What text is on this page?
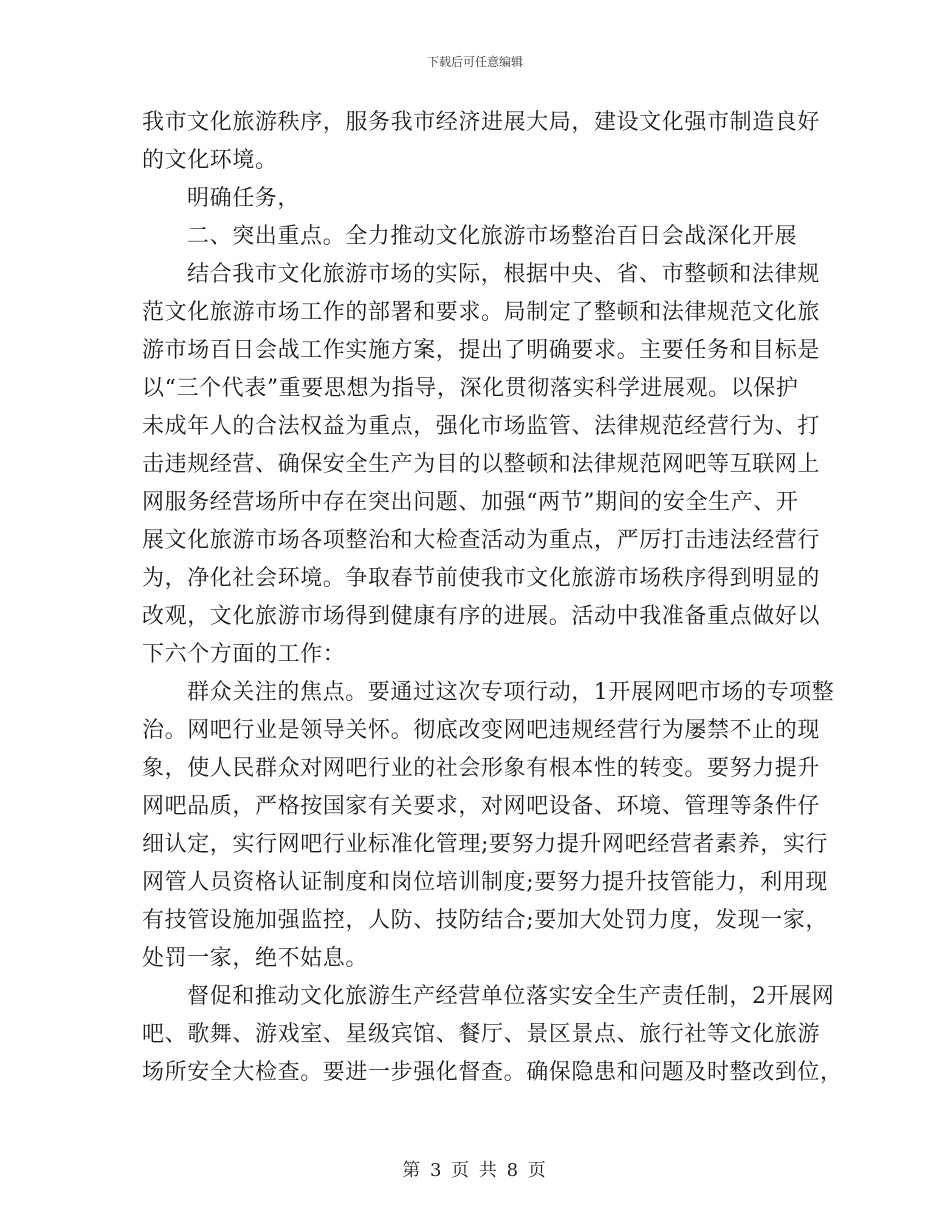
下载后可任意编辑
我市文化旅游秩序，服务我市经济进展大局，建设文化强市制造良好
的文化环境。
明确任务，
二、突出重点。全力推动文化旅游市场整治百日会战深化开展
结合我市文化旅游市场的实际，根据中央、省、市整顿和法律规
范文化旅游市场工作的部署和要求。局制定了整顿和法律规范文化旅
游市场百日会战工作实施方案，提出了明确要求。主要任务和目标是
以“三个代表”重要思想为指导，深化贯彻落实科学进展观。以保护
未成年人的合法权益为重点，强化市场监管、法律规范经营行为、打
击违规经营、确保安全生产为目的以整顿和法律规范网吧等互联网上
网服务经营场所中存在突出问题、加强“两节”期间的安全生产、开
展文化旅游市场各项整治和大检查活动为重点，严厉打击违法经营行
为，净化社会环境。争取春节前使我市文化旅游市场秩序得到明显的
改观，文化旅游市场得到健康有序的进展。活动中我准备重点做好以
下六个方面的工作：
群众关注的焦点。要通过这次专项行动，1开展网吧市场的专项整
治。网吧行业是领导关怀。彻底改变网吧违规经营行为屡禁不止的现
象，使人民群众对网吧行业的社会形象有根本性的转变。要努力提升
网吧品质，严格按国家有关要求，对网吧设备、环境、管理等条件仔
细认定，实行网吧行业标准化管理;要努力提升网吧经营者素养，实行
网管人员资格认证制度和岗位培训制度;要努力提升技管能力，利用现
有技管设施加强监控，人防、技防结合;要加大处罚力度，发现一家，
处罚一家，绝不姑息。
督促和推动文化旅游生产经营单位落实安全生产责任制，2开展网
吧、歌舞、游戏室、星级宾馆、餐厅、景区景点、旅行社等文化旅游
场所安全大检查。要进一步强化督查。确保隐患和问题及时整改到位，
第 3 页 共 8 页
